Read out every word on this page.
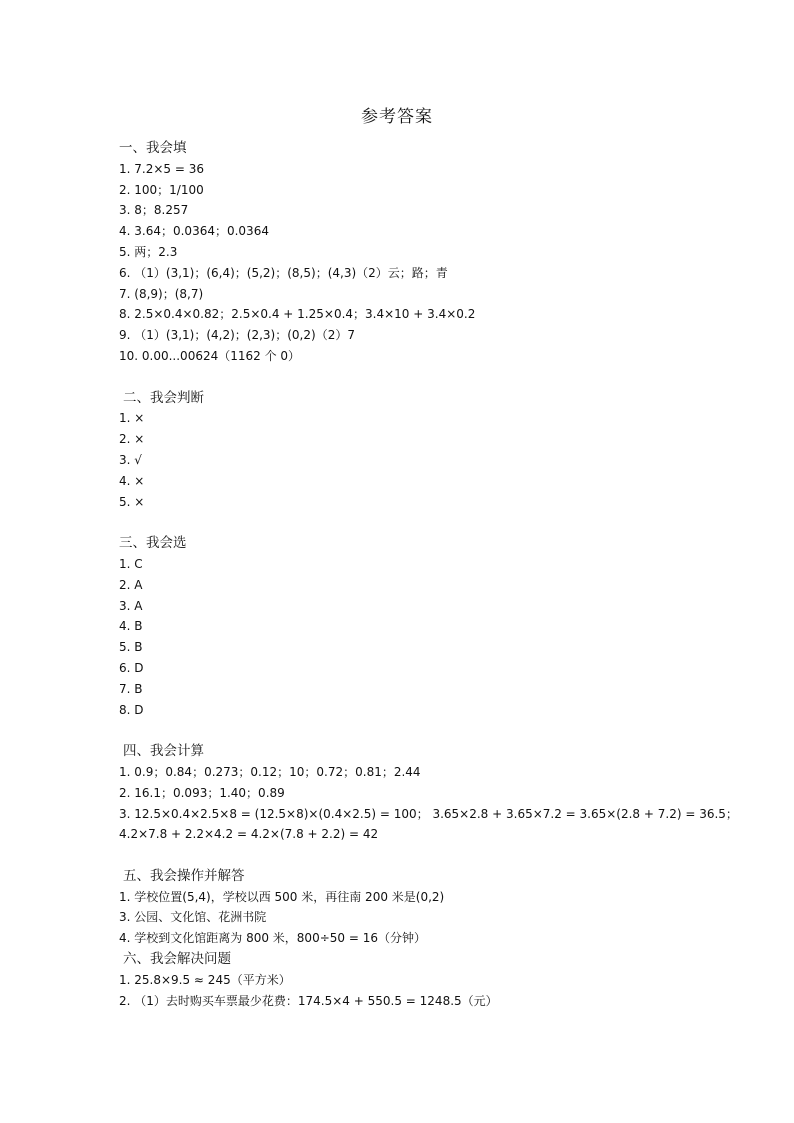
参考答案
一、我会填
1. 7.2×5 = 36
2. 100；1/100
3. 8；8.257
4. 3.64；0.0364；0.0364
5. 两；2.3
6. （1）(3,1)；(6,4)；(5,2)；(8,5)；(4,3)（2）云；路；青
7. (8,9)；(8,7)
8. 2.5×0.4×0.82；2.5×0.4 + 1.25×0.4；3.4×10 + 3.4×0.2
9. （1）(3,1)；(4,2)；(2,3)；(0,2)（2）7
10. 0.00...00624（1162 个 0）
二、我会判断
1. ×
2. ×
3. √
4. ×
5. ×
三、我会选
1. C
2. A
3. A
4. B
5. B
6. D
7. B
8. D
四、我会计算
1. 0.9；0.84；0.273；0.12；10；0.72；0.81；2.44
2. 16.1；0.093；1.40；0.89
3. 12.5×0.4×2.5×8 = (12.5×8)×(0.4×2.5) = 100； 3.65×2.8 + 3.65×7.2 = 3.65×(2.8 + 7.2) = 36.5；
4.2×7.8 + 2.2×4.2 = 4.2×(7.8 + 2.2) = 42
五、我会操作并解答
1. 学校位置(5,4)，学校以西 500 米，再往南 200 米是(0,2)
3. 公园、文化馆、花洲书院
4. 学校到文化馆距离为 800 米，800÷50 = 16（分钟）
六、我会解决问题
1. 25.8×9.5 ≈ 245（平方米）
2. （1）去时购买车票最少花费：174.5×4 + 550.5 = 1248.5（元）
